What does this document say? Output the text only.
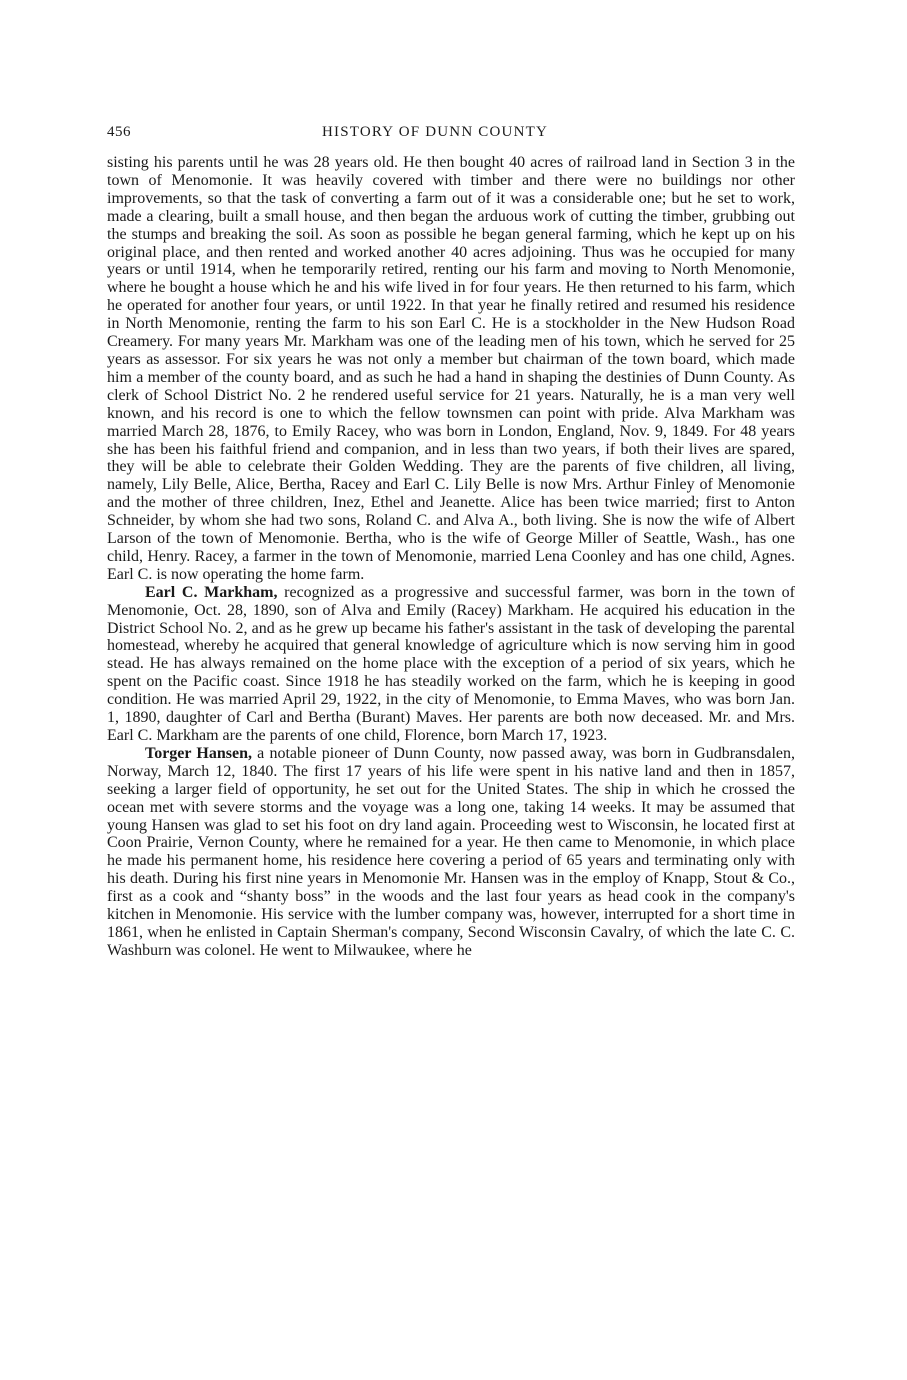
456	HISTORY OF DUNN COUNTY

sisting his parents until he was 28 years old. He then bought 40 acres of railroad land in Section 3 in the town of Menomonie. It was heavily covered with timber and there were no buildings nor other improvements, so that the task of converting a farm out of it was a considerable one; but he set to work, made a clearing, built a small house, and then began the arduous work of cutting the timber, grubbing out the stumps and breaking the soil. As soon as possible he began general farming, which he kept up on his original place, and then rented and worked another 40 acres adjoining. Thus was he occupied for many years or until 1914, when he temporarily retired, renting our his farm and moving to North Menomonie, where he bought a house which he and his wife lived in for four years. He then returned to his farm, which he operated for another four years, or until 1922. In that year he finally retired and resumed his residence in North Menomonie, renting the farm to his son Earl C. He is a stockholder in the New Hudson Road Creamery. For many years Mr. Markham was one of the leading men of his town, which he served for 25 years as assessor. For six years he was not only a member but chairman of the town board, which made him a member of the county board, and as such he had a hand in shaping the destinies of Dunn County. As clerk of School District No. 2 he rendered useful service for 21 years. Naturally, he is a man very well known, and his record is one to which the fellow townsmen can point with pride. Alva Markham was married March 28, 1876, to Emily Racey, who was born in London, England, Nov. 9, 1849. For 48 years she has been his faithful friend and companion, and in less than two years, if both their lives are spared, they will be able to celebrate their Golden Wedding. They are the parents of five children, all living, namely, Lily Belle, Alice, Bertha, Racey and Earl C. Lily Belle is now Mrs. Arthur Finley of Menomonie and the mother of three children, Inez, Ethel and Jeanette. Alice has been twice married; first to Anton Schneider, by whom she had two sons, Roland C. and Alva A., both living. She is now the wife of Albert Larson of the town of Menomonie. Bertha, who is the wife of George Miller of Seattle, Wash., has one child, Henry. Racey, a farmer in the town of Menomonie, married Lena Coonley and has one child, Agnes. Earl C. is now operating the home farm.

Earl C. Markham, recognized as a progressive and successful farmer, was born in the town of Menomonie, Oct. 28, 1890, son of Alva and Emily (Racey) Markham. He acquired his education in the District School No. 2, and as he grew up became his father's assistant in the task of developing the parental homestead, whereby he acquired that general knowledge of agriculture which is now serving him in good stead. He has always remained on the home place with the exception of a period of six years, which he spent on the Pacific coast. Since 1918 he has steadily worked on the farm, which he is keeping in good condition. He was married April 29, 1922, in the city of Menomonie, to Emma Maves, who was born Jan. 1, 1890, daughter of Carl and Bertha (Burant) Maves. Her parents are both now deceased. Mr. and Mrs. Earl C. Markham are the parents of one child, Florence, born March 17, 1923.

Torger Hansen, a notable pioneer of Dunn County, now passed away, was born in Gudbransdalen, Norway, March 12, 1840. The first 17 years of his life were spent in his native land and then in 1857, seeking a larger field of opportunity, he set out for the United States. The ship in which he crossed the ocean met with severe storms and the voyage was a long one, taking 14 weeks. It may be assumed that young Hansen was glad to set his foot on dry land again. Proceeding west to Wisconsin, he located first at Coon Prairie, Vernon County, where he remained for a year. He then came to Menomonie, in which place he made his permanent home, his residence here covering a period of 65 years and terminating only with his death. During his first nine years in Menomonie Mr. Hansen was in the employ of Knapp, Stout & Co., first as a cook and “shanty boss” in the woods and the last four years as head cook in the company's kitchen in Menomonie. His service with the lumber company was, however, interrupted for a short time in 1861, when he enlisted in Captain Sherman's company, Second Wisconsin Cavalry, of which the late C. C. Washburn was colonel. He went to Milwaukee, where he
